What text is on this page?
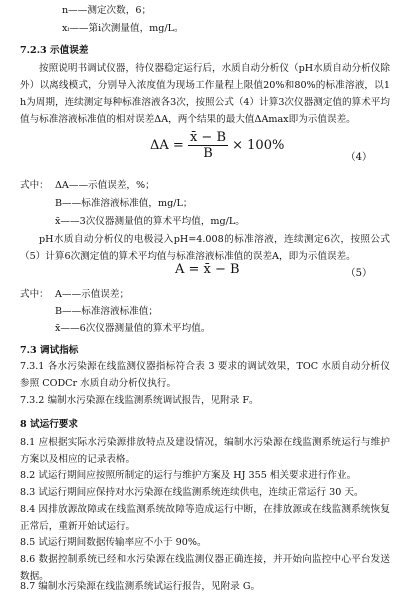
n——测定次数，6；
xᵢ——第i次测量值，mg/L。
7.2.3 示值误差
按照说明书调试仪器，待仪器稳定运行后，水质自动分析仪（pH水质自动分析仪除外）以离线模式，分别导入浓度值为现场工作量程上限值20%和80%的标准溶液，以1 h为周期，连续测定每种标准溶液各3次，按照公式（4）计算3次仪器测定值的算术平均值与标准溶液标准值的相对误差ΔA，两个结果的最大值ΔAmax即为示值误差。
$\Delta A = \frac{x̄ - B}{B} \times 100\%$
（4）
式中： ΔA——示值误差，%；
B——标准溶液标准值，mg/L；
x̄——3次仪器测量值的算术平均值，mg/L。
pH水质自动分析仪的电极浸入pH=4.008的标准溶液，连续测定6次，按照公式（5）计算6次测定值的算术平均值与标准溶液标准值的误差A，即为示值误差。
A = x̄ − B	（5）
式中： A——示值误差；
B——标准溶液标准值；
x̄——6次仪器测量值的算术平均值。
7.3 调试指标
7.3.1 各水污染源在线监测仪器指标符合表 3 要求的调试效果，TOC 水质自动分析仪参照 CODCr 水质自动分析仪执行。
7.3.2 编制水污染源在线监测系统调试报告，见附录 F。
8 试运行要求
8.1 应根据实际水污染源排放特点及建设情况，编制水污染源在线监测系统运行与维护方案以及相应的记录表格。
8.2 试运行期间应按照所制定的运行与维护方案及 HJ 355 相关要求进行作业。
8.3 试运行期间应保持对水污染源在线监测系统连续供电，连续正常运行 30 天。
8.4 因排放源故障或在线监测系统故障等造成运行中断，在排放源或在线监测系统恢复正常后，重新开始试运行。
8.5 试运行期间数据传输率应不小于 90%。
8.6 数据控制系统已经和水污染源在线监测仪器正确连接，并开始向监控中心平台发送数据。
8.7 编制水污染源在线监测系统试运行报告，见附录 G。
